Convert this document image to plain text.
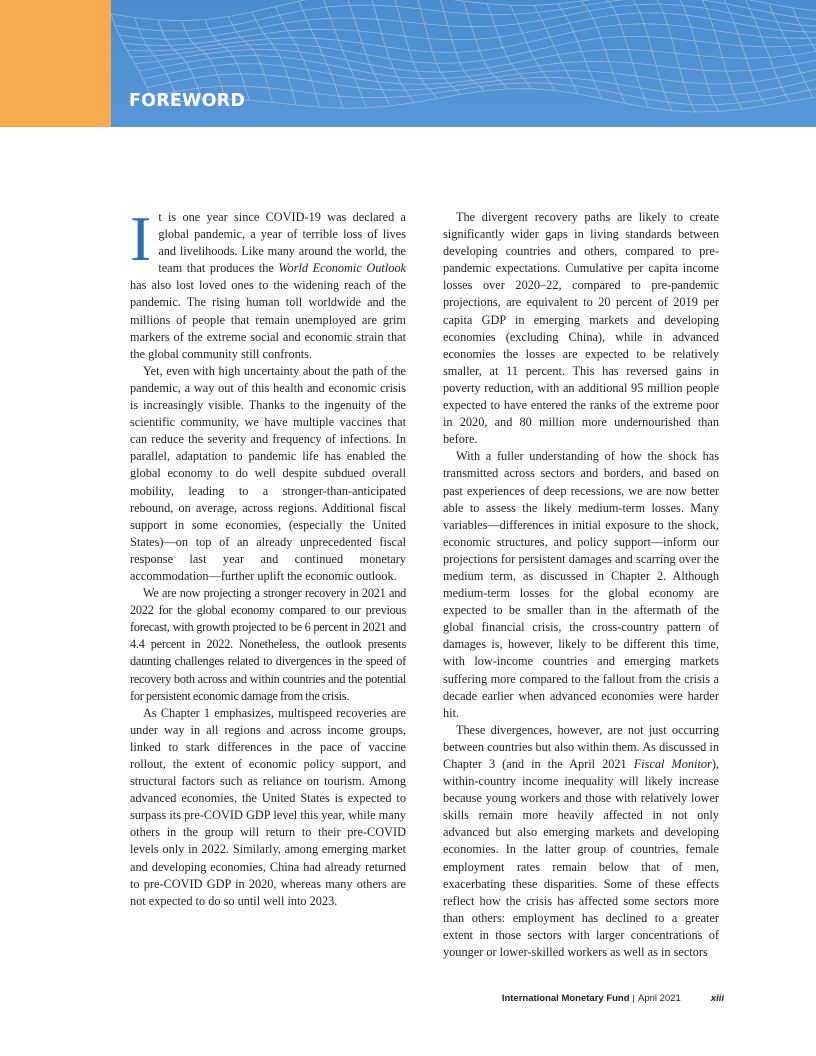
FOREWORD

It is one year since COVID-19 was declared a global pandemic, a year of terrible loss of lives and livelihoods. Like many around the world, the team that produces the World Economic Outlook has also lost loved ones to the widening reach of the pandemic. The rising human toll worldwide and the millions of people that remain unemployed are grim markers of the extreme social and economic strain that the global community still confronts.

Yet, even with high uncertainty about the path of the pandemic, a way out of this health and economic crisis is increasingly visible. Thanks to the ingenuity of the scientific community, we have multiple vaccines that can reduce the severity and frequency of infections. In parallel, adaptation to pandemic life has enabled the global economy to do well despite subdued overall mobility, leading to a stronger-than-anticipated rebound, on average, across regions. Additional fiscal support in some economies, (especially the United States)—on top of an already unprecedented fiscal response last year and continued monetary accommodation—further uplift the economic outlook.

We are now projecting a stronger recovery in 2021 and 2022 for the global economy compared to our previous forecast, with growth projected to be 6 percent in 2021 and 4.4 percent in 2022. Nonetheless, the outlook presents daunting challenges related to divergences in the speed of recovery both across and within countries and the potential for persistent economic damage from the crisis.

As Chapter 1 emphasizes, multispeed recoveries are under way in all regions and across income groups, linked to stark differences in the pace of vaccine rollout, the extent of economic policy support, and structural factors such as reliance on tourism. Among advanced economies, the United States is expected to surpass its pre-COVID GDP level this year, while many others in the group will return to their pre-COVID levels only in 2022. Similarly, among emerging market and developing economies, China had already returned to pre-COVID GDP in 2020, whereas many others are not expected to do so until well into 2023.

The divergent recovery paths are likely to create significantly wider gaps in living standards between developing countries and others, compared to pre-pandemic expectations. Cumulative per capita income losses over 2020–22, compared to pre-pandemic projections, are equivalent to 20 percent of 2019 per capita GDP in emerging markets and developing economies (excluding China), while in advanced economies the losses are expected to be relatively smaller, at 11 percent. This has reversed gains in poverty reduction, with an additional 95 million people expected to have entered the ranks of the extreme poor in 2020, and 80 million more undernourished than before.

With a fuller understanding of how the shock has transmitted across sectors and borders, and based on past experiences of deep recessions, we are now better able to assess the likely medium-term losses. Many variables—differences in initial exposure to the shock, economic structures, and policy support—inform our projections for persistent damages and scarring over the medium term, as discussed in Chapter 2. Although medium-term losses for the global economy are expected to be smaller than in the aftermath of the global financial crisis, the cross-country pattern of damages is, however, likely to be different this time, with low-income countries and emerging markets suffering more compared to the fallout from the crisis a decade earlier when advanced economies were harder hit.

These divergences, however, are not just occurring between countries but also within them. As discussed in Chapter 3 (and in the April 2021 Fiscal Monitor), within-country income inequality will likely increase because young workers and those with relatively lower skills remain more heavily affected in not only advanced but also emerging markets and developing economies. In the latter group of countries, female employment rates remain below that of men, exacerbating these disparities. Some of these effects reflect how the crisis has affected some sectors more than others: employment has declined to a greater extent in those sectors with larger concentrations of younger or lower-skilled workers as well as in sectors

International Monetary Fund | April 2021	xiii
